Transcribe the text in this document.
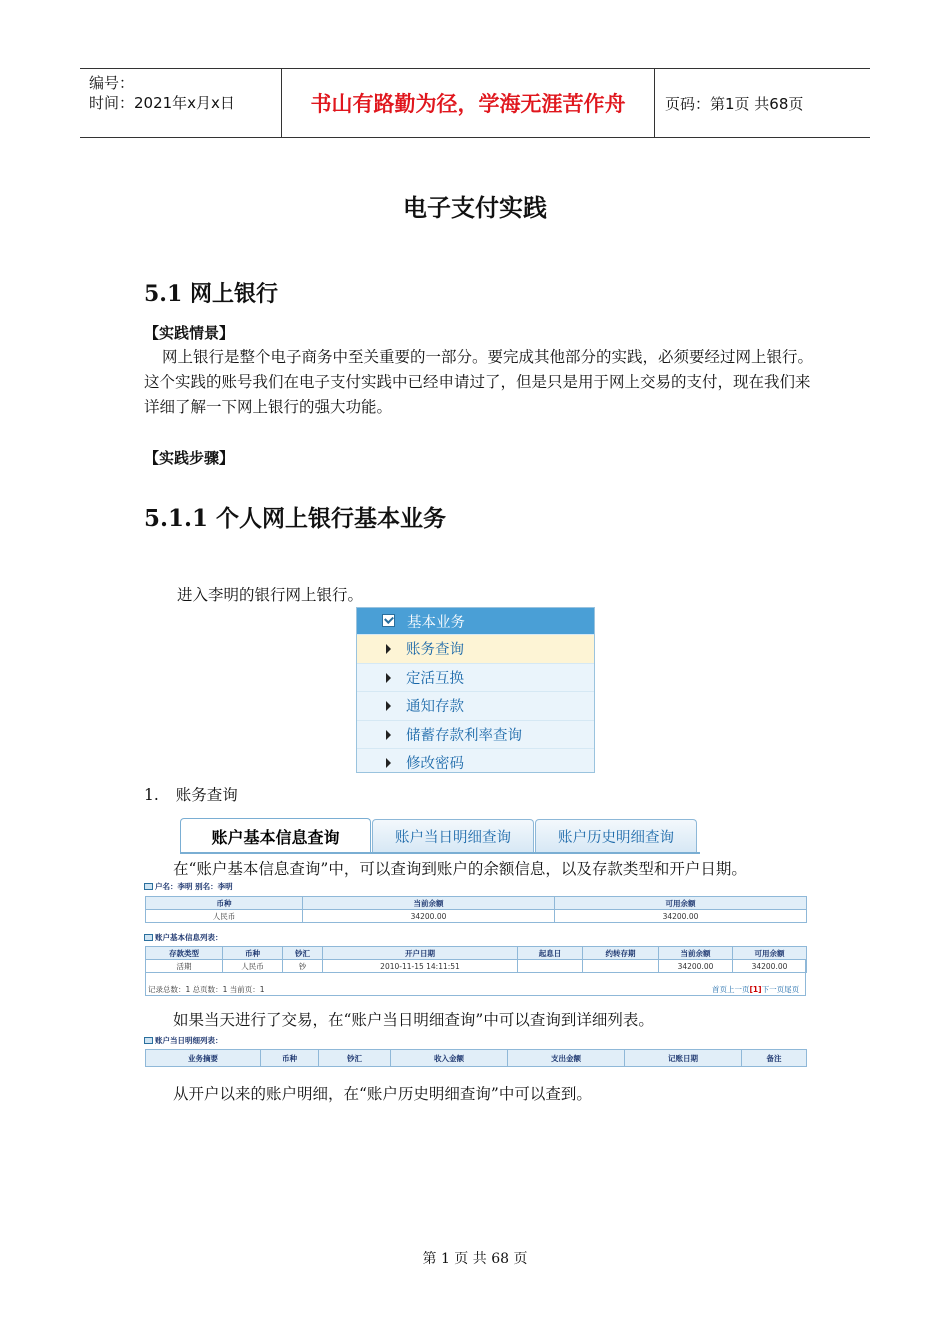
编号：
时间：2021年x月x日	书山有路勤为径，学海无涯苦作舟	页码：第1页 共68页
电子支付实践
5.1 网上银行
【实践情景】
网上银行是整个电子商务中至关重要的一部分。要完成其他部分的实践，必须要经过网上银行。这个实践的账号我们在电子支付实践中已经申请过了，但是只是用于网上交易的支付，现在我们来详细了解一下网上银行的强大功能。
【实践步骤】
5.1.1 个人网上银行基本业务
进入李明的银行网上银行。
基本业务
账务查询
定活互换
通知存款
储蓄存款利率查询
修改密码
1. 账务查询
账户基本信息查询	账户当日明细查询	账户历史明细查询
在“账户基本信息查询”中，可以查询到账户的余额信息，以及存款类型和开户日期。
户名：李明 别名：李明
币种	当前余额	可用余额
人民币	34200.00	34200.00
账户基本信息列表：
存款类型	币种	钞汇	开户日期	起息日	约转存期	当前余额	可用余额
活期	人民币	钞	2010-11-15 14:11:51			34200.00	34200.00
记录总数：1 总页数：1 当前页：1	首页上一页[1]下一页尾页
如果当天进行了交易，在“账户当日明细查询”中可以查询到详细列表。
账户当日明细列表：
业务摘要	币种	钞汇	收入金额	支出金额	记账日期	备注
从开户以来的账户明细，在“账户历史明细查询”中可以查到。
第 1 页 共 68 页
